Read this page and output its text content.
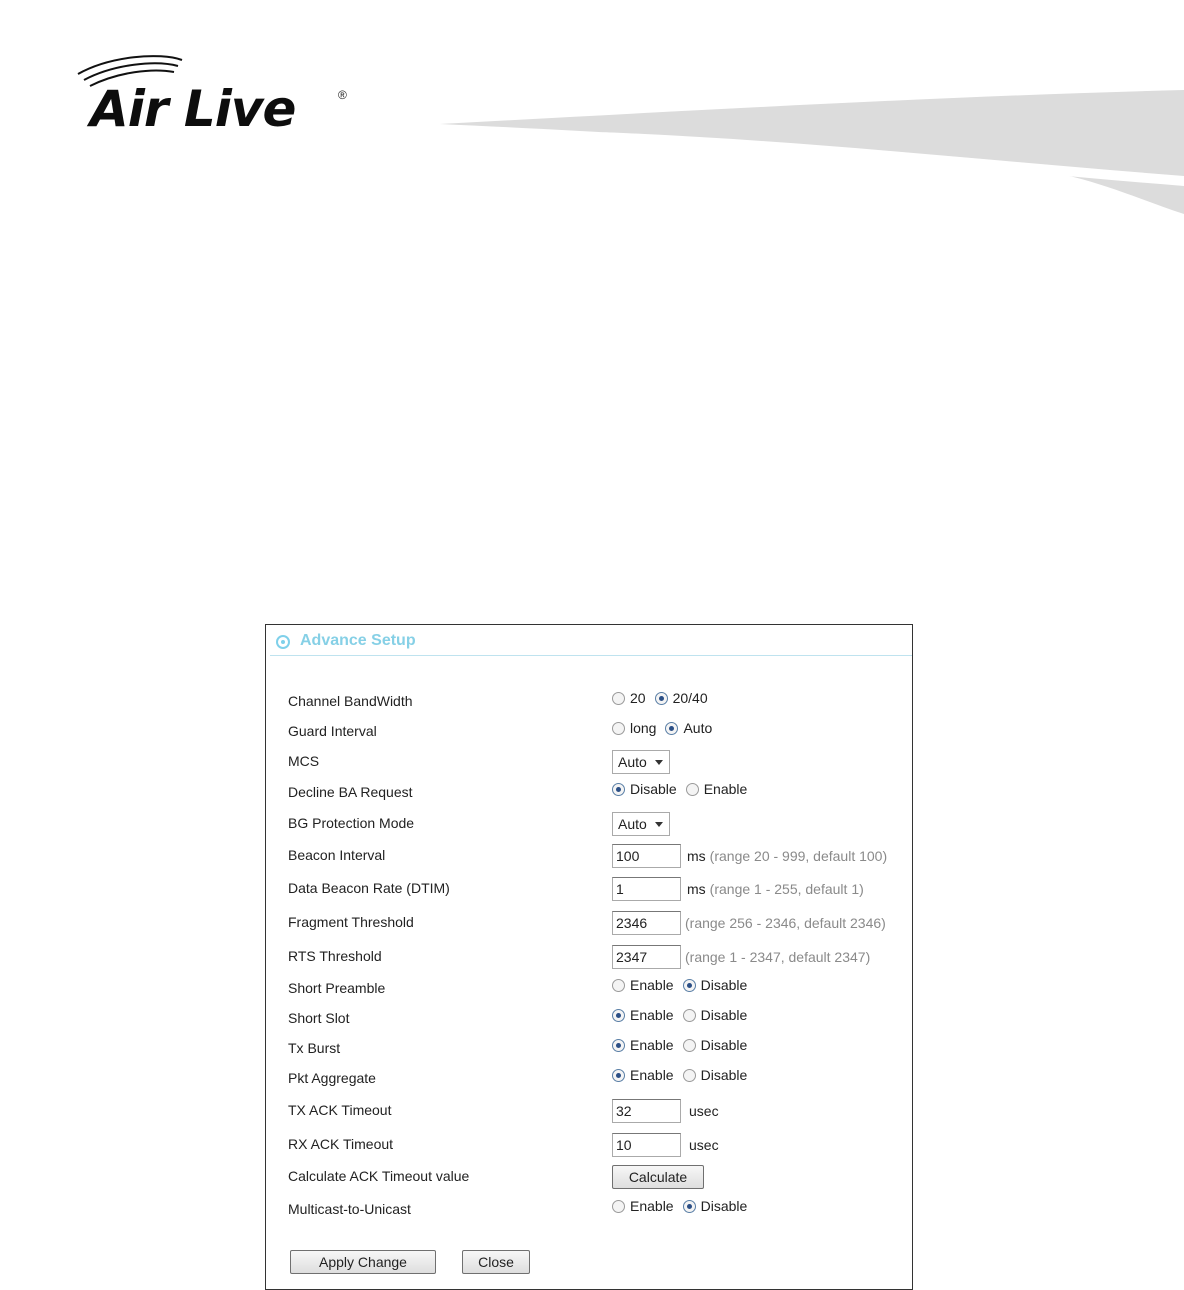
Air Live	®
Advance Setup
Channel BandWidth	20 20/40
Guard Interval	long Auto
MCS	Auto
Decline BA Request	Disable Enable
BG Protection Mode	Auto
Beacon Interval	100	ms (range 20 - 999, default 100)
Data Beacon Rate (DTIM)	1	ms (range 1 - 255, default 1)
Fragment Threshold	2346	(range 256 - 2346, default 2346)
RTS Threshold	2347	(range 1 - 2347, default 2347)
Short Preamble	Enable Disable
Short Slot	Enable Disable
Tx Burst	Enable Disable
Pkt Aggregate	Enable Disable
TX ACK Timeout	32	usec
RX ACK Timeout	10	usec
Calculate ACK Timeout value	Calculate
Multicast-to-Unicast	Enable Disable
Apply Change	Close
